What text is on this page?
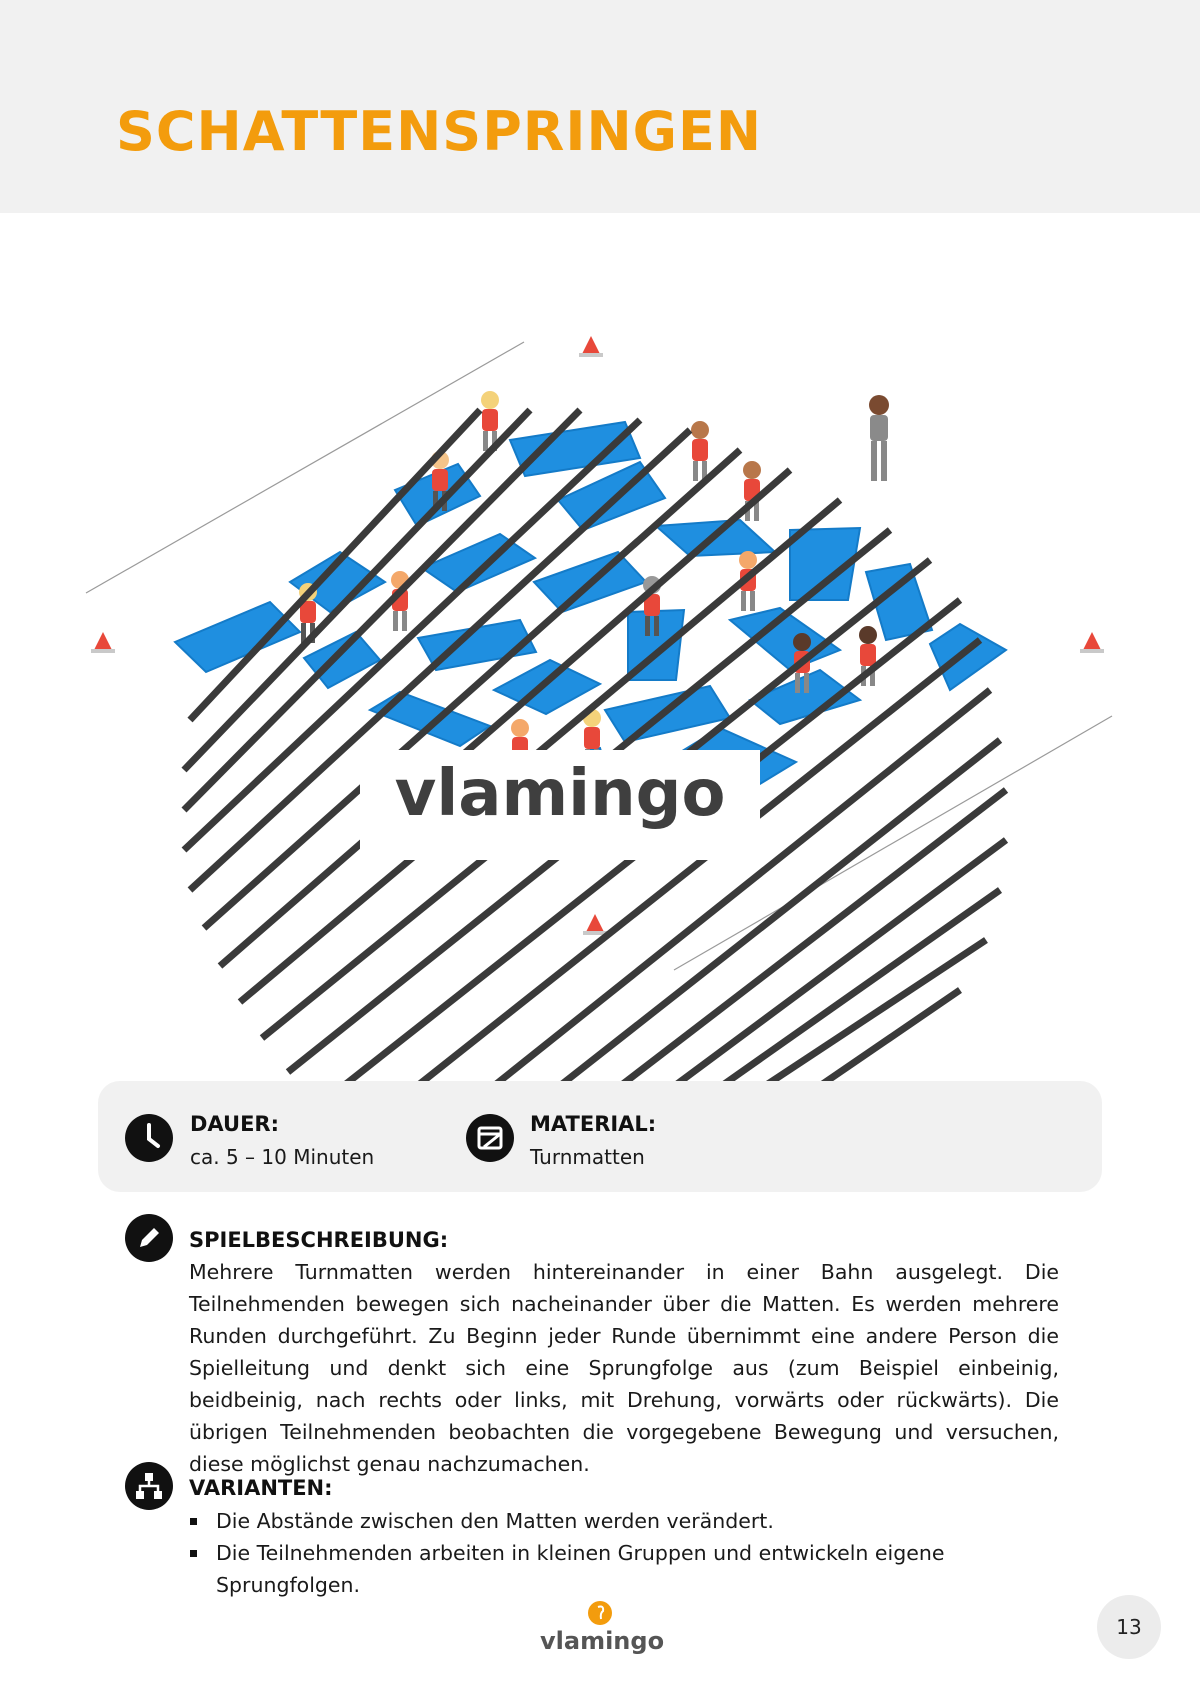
SCHATTENSPRINGEN
vlamingo

DAUER:

ca. 5 – 10 Minuten

MATERIAL:

Turnmatten

SPIELBESCHREIBUNG:

Mehrere Turnmatten werden hintereinander in einer Bahn ausgelegt. Die Teilnehmenden bewegen sich nacheinander über die Matten. Es werden mehrere Runden durchgeführt. Zu Beginn jeder Runde übernimmt eine andere Person die Spielleitung und denkt sich eine Sprungfolge aus (zum Beispiel einbeinig, beidbeinig, nach rechts oder links, mit Drehung, vorwärts oder rückwärts). Die übrigen Teilnehmenden beobachten die vorgegebene Bewegung und versuchen, diese möglichst genau nachzumachen.

VARIANTEN:

Die Abstände zwischen den Matten werden verändert.
Die Teilnehmenden arbeiten in kleinen Gruppen und entwickeln eigene Sprungfolgen.
vlamingo	13
